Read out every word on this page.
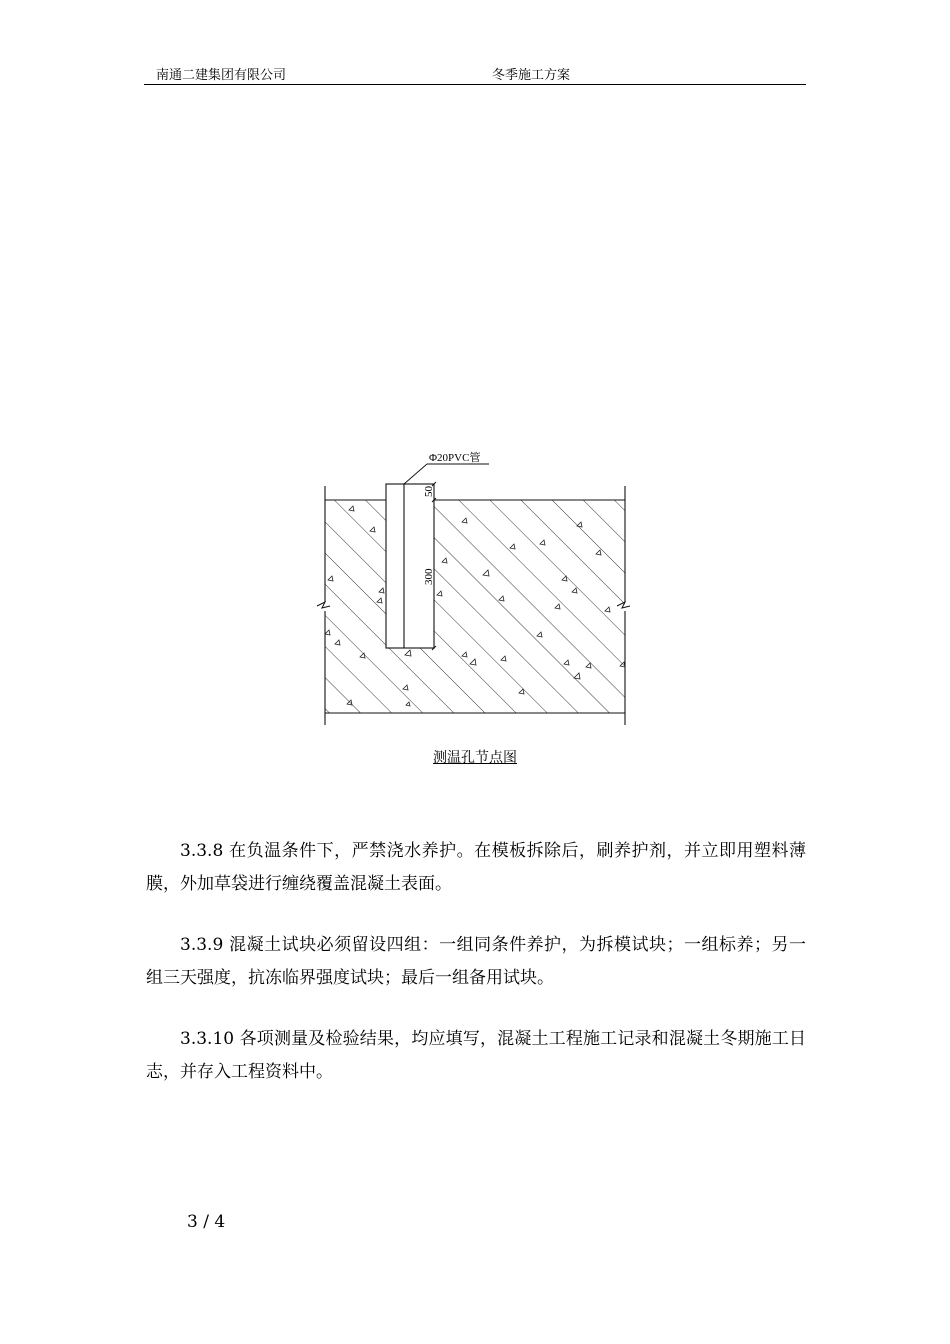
南通二建集团有限公司	冬季施工方案
Φ20PVC管
50
300
测温孔节点图

3.3.8 在负温条件下，严禁浇水养护。在模板拆除后，刷养护剂，并立即用塑料薄膜，外加草袋进行缠绕覆盖混凝土表面。

3.3.9 混凝土试块必须留设四组：一组同条件养护，为拆模试块；一组标养；另一组三天强度，抗冻临界强度试块；最后一组备用试块。

3.3.10 各项测量及检验结果，均应填写，混凝土工程施工记录和混凝土冬期施工日志，并存入工程资料中。

3 / 4
